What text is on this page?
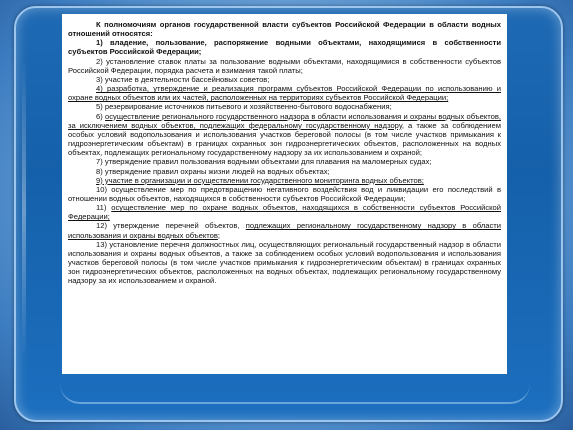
К полномочиям органов государственной власти субъектов Российской Федерации в области водных отношений относятся:

1) владение, пользование, распоряжение водными объектами, находящимися в собственности субъектов Российской Федерации;

2) установление ставок платы за пользование водными объектами, находящимися в собственности субъектов Российской Федерации, порядка расчета и взимания такой платы;

3) участие в деятельности бассейновых советов;

4) разработка, утверждение и реализация программ субъектов Российской Федерации по использованию и охране водных объектов или их частей, расположенных на территориях субъектов Российской Федерации;

5) резервирование источников питьевого и хозяйственно-бытового водоснабжения;

6) осуществление регионального государственного надзора в области использования и охраны водных объектов, за исключением водных объектов, подлежащих федеральному государственному надзору, а также за соблюдением особых условий водопользования и использования участков береговой полосы (в том числе участков примыкания к гидроэнергетическим объектам) в границах охранных зон гидроэнергетических объектов, расположенных на водных объектах, подлежащих региональному государственному надзору за их использованием и охраной;

7) утверждение правил пользования водными объектами для плавания на маломерных судах;

8) утверждение правил охраны жизни людей на водных объектах;

9) участие в организации и осуществлении государственного мониторинга водных объектов;

10) осуществление мер по предотвращению негативного воздействия вод и ликвидации его последствий в отношении водных объектов, находящихся в собственности субъектов Российской Федерации;

11) осуществление мер по охране водных объектов, находящихся в собственности субъектов Российской Федерации;

12) утверждение перечней объектов, подлежащих региональному государственному надзору в области использования и охраны водных объектов;

13) установление перечня должностных лиц, осуществляющих региональный государственный надзор в области использования и охраны водных объектов, а также за соблюдением особых условий водопользования и использования участков береговой полосы (в том числе участков примыкания к гидроэнергетическим объектам) в границах охранных зон гидроэнергетических объектов, расположенных на водных объектах, подлежащих региональному государственному надзору за их использованием и охраной.
